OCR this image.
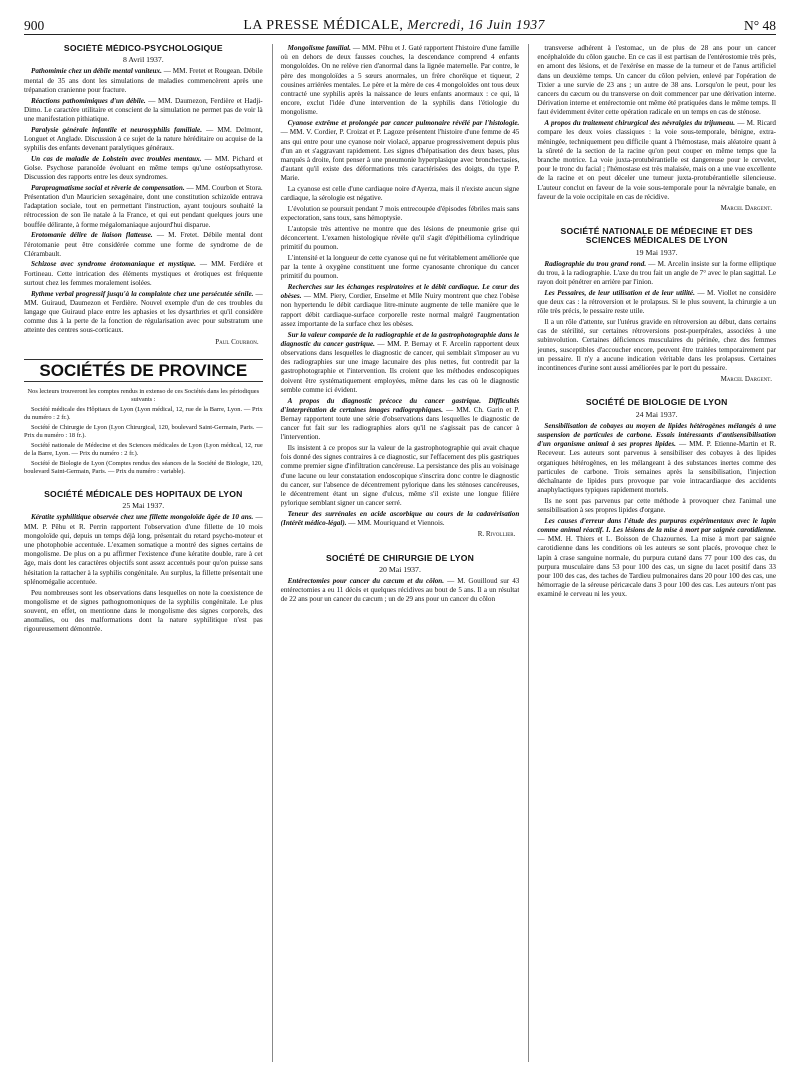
900	LA PRESSE MÉDICALE, Mercredi, 16 Juin 1937	N° 48
SOCIÉTÉ MÉDICO-PSYCHOLOGIQUE
8 Avril 1937.

Pathomimie chez un débile mental vaniteux. — MM. Fretet et Rougean. Débile mental de 35 ans dont les simulations de maladies commencèrent après une trépanation cranienne pour fracture.

Réactions pathomimiques d'un débile. — MM. Daumezon, Ferdière et Hadji-Dimo. Le caractère utilitaire et conscient de la simulation ne permet pas de voir là une manifestation pithiatique.

Paralysie générale infantile et neurosyphilis familiale. — MM. Delmont, Longuet et Anglade. Discussion à ce sujet de la nature héréditaire ou acquise de la syphilis des enfants devenant paralytiques généraux.

Un cas de maladie de Lobstein avec troubles mentaux. — MM. Pichard et Golse. Psychose paranoïde évoluant en même temps qu'une ostéopsathyrose. Discussion des rapports entre les deux syndromes.

Parapragmatisme social et rêverie de compensation. — MM. Courbon et Stora. Présentation d'un Mauricien sexagénaire, dont une constitution schizoïde entrava l'adaptation sociale, tout en permettant l'instruction, ayant toujours souhaité la rétrocession de son île natale à la France, et qui eut pendant quelques jours une bouffée délirante, à forme mégalomaniaque aujourd'hui disparue.

Erotomanie délire de liaison flatteuse. — M. Fretet. Débile mental dont l'érotomanie peut être considérée comme une forme de syndrome de de Clérambault.

Schizose avec syndrome érotomaniaque et mystique. — MM. Ferdière et Fortineau. Cette intrication des éléments mystiques et érotiques est fréquente surtout chez les femmes moralement isolées.

Rythme verbal progressif jusqu'à la complainte chez une persécutée sénile. — MM. Guiraud, Daumezon et Ferdière. Nouvel exemple d'un de ces troubles du langage que Guiraud place entre les aphasies et les dysarthries et qu'il considère comme dus à la perte de la fonction de régularisation avec pour substratum une atteinte des centres sous-corticaux.

Paul Courbon.
SOCIÉTÉS DE PROVINCE

Nos lecteurs trouveront les comptes rendus in extenso de ces Sociétés dans les périodiques suivants :

Société médicale des Hôpitaux de Lyon (Lyon médical, 12, rue de la Barre, Lyon. — Prix du numéro : 2 fr.).

Société de Chirurgie de Lyon (Lyon Chirurgical, 120, boulevard Saint-Germain, Paris. — Prix du numéro : 18 fr.).

Société nationale de Médecine et des Sciences médicales de Lyon (Lyon médical, 12, rue de la Barre, Lyon. — Prix du numéro : 2 fr.).

Société de Biologie de Lyon (Comptes rendus des séances de la Société de Biologie, 120, boulevard Saint-Germain, Paris. — Prix du numéro : variable).

SOCIÉTÉ MÉDICALE DES HOPITAUX DE LYON
25 Mai 1937.

Kératite syphilitique observée chez une fillette mongoloïde âgée de 10 ans. — MM. P. Pêhu et R. Perrin rapportent l'observation d'une fillette de 10 mois mongoloïde qui, depuis un temps déjà long, présentait du retard psycho-moteur et une photophobie accentuée. L'examen somatique a montré des signes certains de mongolisme. De plus on a pu affirmer l'existence d'une kératite double, rare à cet âge, mais dont les caractères objectifs sont assez accentués pour qu'on puisse sans hésitation la rattacher à la syphilis congénitale. Au surplus, la fillette présentait une splénomégalie accentuée.

Peu nombreuses sont les observations dans lesquelles on note la coexistence de mongolisme et de signes pathognomoniques de la syphilis congénitale. Le plus souvent, en effet, on mentionne dans le mongolisme des signes corporels, des anomalies, ou des malformations dont la nature syphilitique n'est pas rigoureusement démontrée.

Mongolisme familial. — MM. Pêhu et J. Gaté rapportent l'histoire d'une famille où en dehors de deux fausses couches, la descendance comprend 4 enfants mongoloïdes. On ne relève rien d'anormal dans la lignée maternelle. Par contre, le père des mongoloïdes a 5 sœurs anormales, un frère choréique et tiqueur, 2 cousines arriérées mentales. Le père et la mère de ces 4 mongoloïdes ont tous deux contracté une syphilis après la naissance de leurs enfants anormaux : ce qui, là encore, exclut l'idée d'une intervention de la syphilis dans l'étiologie du mongolisme.

Cyanose extrême et prolongée par cancer pulmonaire révélé par l'histologie. — MM. V. Cordier, P. Croizat et P. Lagoze présentent l'histoire d'une femme de 45 ans qui entre pour une cyanose noir violacé, apparue progressivement depuis plus d'un an et s'aggravant rapidement. Les signes d'hépatisation des deux bases, plus marqués à droite, font penser à une pneumonie hyperplasique avec bronchectasies, d'autant qu'il existe des déformations très caractérisées des doigts, du type P. Marie.

La cyanose est celle d'une cardiaque noire d'Ayerza, mais il n'existe aucun signe cardiaque, la sérologie est négative.

L'évolution se poursuit pendant 7 mois entrecoupée d'épisodes fébriles mais sans expectoration, sans toux, sans hémoptysie.

L'autopsie très attentive ne montre que des lésions de pneumonie grise qui déconcertent. L'examen histologique révèle qu'il s'agit d'épithélioma cylindrique primitif du poumon.

L'intensité et la longueur de cette cyanose qui ne fut véritablement améliorée que par la tente à oxygène constituent une forme cyanosante chronique du cancer primitif du poumon.

Recherches sur les échanges respiratoires et le débit cardiaque. Le cœur des obèses. — MM. Piery, Cordier, Enselme et Mlle Nuiry montrent que chez l'obèse non hypertendu le débit cardiaque litre-minute augmente de telle manière que le rapport débit cardiaque-surface corporelle reste normal malgré l'augmentation assez importante de la surface chez les obèses.

Sur la valeur comparée de la radiographie et de la gastrophotographie dans le diagnostic du cancer gastrique. — MM. P. Bernay et F. Arcelin rapportent deux observations dans lesquelles le diagnostic de cancer, qui semblait s'imposer au vu des radiographies sur une image lacunaire des plus nettes, fut contredit par la gastrophotographie et l'intervention. Ils croient que les méthodes endoscopiques doivent être systématiquement employées, même dans les cas où le diagnostic semble comme ici évident.

A propos du diagnostic précoce du cancer gastrique. Difficultés d'interprétation de certaines images radiographiques. — MM. Ch. Garin et P. Bernay rapportent toute une série d'observations dans lesquelles le diagnostic de cancer fut fait sur les radiographies alors qu'il ne s'agissait pas de cancer à l'intervention.

Ils insistent à ce propos sur la valeur de la gastrophotographie qui avait chaque fois donné des signes contraires à ce diagnostic, sur l'effacement des plis gastriques comme premier signe d'infiltration cancéreuse. La persistance des plis au voisinage d'une lacune ou leur constatation endoscopique s'inscrira donc contre le diagnostic du cancer, sur l'absence de décentrement pylorique dans les sténoses cancéreuses, le décentrement étant un signe d'ulcus, même s'il existe une longue filière pylorique semblant signer un cancer serré.

Teneur des surrénales en acide ascorbique au cours de la cadavérisation (Intérêt médico-légal). — MM. Mouriquand et Viennois.

R. Rivollier.
SOCIÉTÉ DE CHIRURGIE DE LYON
20 Mai 1937.

Entérectomies pour cancer du cæcum et du côlon. — M. Gouilloud sur 43 entérectomies a eu 11 décès et quelques récidives au bout de 5 ans. Il a un résultat de 22 ans pour un cancer du cæcum ; un de 29 ans pour un cancer du côlon

transverse adhérent à l'estomac, un de plus de 28 ans pour un cancer encéphaloïde du côlon gauche. En ce cas il est partisan de l'entérostomie très près, en amont des lésions, et de l'exérèse en masse de la tumeur et de l'anus artificiel dans un deuxième temps. Un cancer du côlon pelvien, enlevé par l'opération de Tixier a une survie de 23 ans ; un autre de 38 ans. Lorsqu'on le peut, pour les cancers du cæcum ou du transverse on doit commencer par une dérivation interne. Dérivation interne et entérectomie ont même été pratiquées dans le même temps. Il faut évidemment éviter cette opération radicale en un temps en cas de sténose.

A propos du traitement chirurgical des névralgies du trijumeau. — M. Ricard compare les deux voies classiques : la voie sous-temporale, bénigne, extra-méningée, techniquement peu difficile quant à l'hémostase, mais aléatoire quant à la sûreté de la section de la racine qu'on peut couper en même temps que la branche motrice. La voie juxta-protubérantielle est dangereuse pour le cervelet, pour le tronc du facial ; l'hémostase est très malaisée, mais on a une vue excellente de la racine et on peut déceler une tumeur juxta-protubérantielle silencieuse. L'auteur conclut en faveur de la voie sous-temporale pour la névralgie banale, en faveur de la voie occipitale en cas de récidive.

Marcel Dargent.
SOCIÉTÉ NATIONALE DE MÉDECINE ET DES SCIENCES MÉDICALES DE LYON
19 Mai 1937.

Radiographie du trou grand rond. — M. Arcelin insiste sur la forme elliptique du trou, à la radiographie. L'axe du trou fait un angle de 7° avec le plan sagittal. Le rayon doit pénétrer en arrière par l'inion.

Les Pessaires, de leur utilisation et de leur utilité. — M. Viollet ne considère que deux cas : la rétroversion et le prolapsus. Si le plus souvent, la chirurgie a un rôle très précis, le pessaire reste utile.

Il a un rôle d'attente, sur l'utérus gravide en rétroversion au début, dans certains cas de stérilité, sur certaines rétroversions post-puerpérales, associées à une subinvolution. Certaines déficiences musculaires du périnée, chez des femmes jeunes, susceptibles d'accoucher encore, peuvent être traitées temporairement par un pessaire. Il n'y a aucune indication véritable dans les prolapsus. Certaines incontinences d'urine sont aussi améliorées par le port du pessaire.

Marcel Dargent.
SOCIÉTÉ DE BIOLOGIE DE LYON
24 Mai 1937.

Sensibilisation de cobayes au moyen de lipides hétérogènes mélangés à une suspension de particules de carbone. Essais intéressants d'antisensibilisation d'un organisme animal à ses propres lipides. — MM. P. Etienne-Martin et R. Receveur. Les auteurs sont parvenus à sensibiliser des cobayes à des lipides organiques hétérogènes, en les mélangeant à des substances inertes comme des particules de carbone. Trois semaines après la sensibilisation, l'injection déchaînante de lipides purs provoque par voie intracardiaque des accidents anaphylactiques typiques rapidement mortels.

Ils ne sont pas parvenus par cette méthode à provoquer chez l'animal une sensibilisation à ses propres lipides d'organe.

Les causes d'erreur dans l'étude des purpuras expérimentaux avec le lapin comme animal réactif. I. Les lésions de la mise à mort par saignée carotidienne. — MM. H. Thiers et L. Boisson de Chazournes. La mise à mort par saignée carotidienne dans les conditions où les auteurs se sont placés, provoque chez le lapin à crase sanguine normale, du purpura cutané dans 77 pour 100 des cas, du purpura musculaire dans 53 pour 100 des cas, un signe du lacet positif dans 33 pour 100 des cas, des taches de Tardieu pulmonaires dans 20 pour 100 des cas, une hémorragie de la séreuse péricæcale dans 3 pour 100 des cas. Les auteurs n'ont pas examiné le cerveau ni les yeux.
